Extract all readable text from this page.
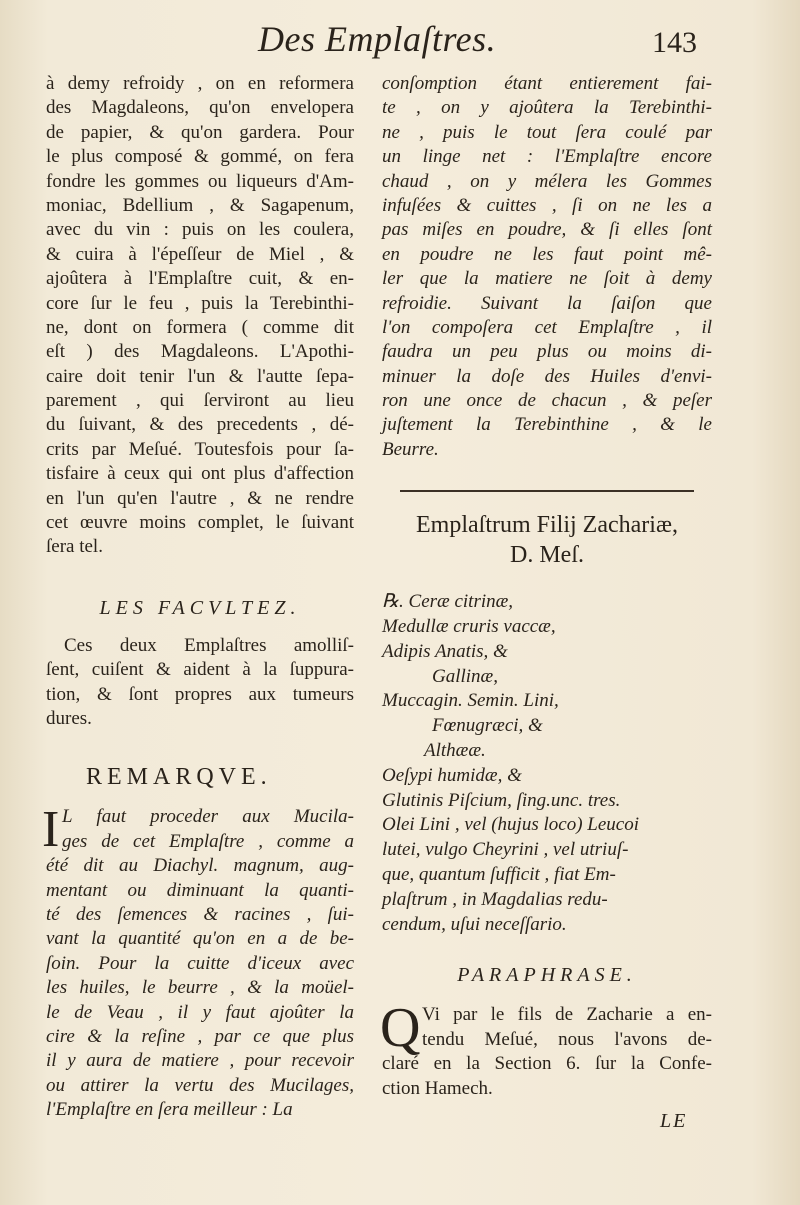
Des Emplaſtres.	143
à demy refroidy , on en reformera
des Magdaleons, qu'on envelopera
de papier, & qu'on gardera. Pour
le plus composé & gommé, on fera
fondre les gommes ou liqueurs d'Am-
moniac, Bdellium , & Sagapenum,
avec du vin : puis on les coulera,
& cuira à l'épeſſeur de Miel , &
ajoûtera à l'Emplaſtre cuit, & en-
core ſur le feu , puis la Terebinthi-
ne, dont on formera ( comme dit
eſt ) des Magdaleons. L'Apothi-
caire doit tenir l'un & l'autte ſepa-
parement , qui ſerviront au lieu
du ſuivant, & des precedents , dé-
crits par Meſué. Toutesfois pour ſa-
tisfaire à ceux qui ont plus d'affection
en l'un qu'en l'autre , & ne rendre
cet œuvre moins complet, le ſuivant
ſera tel.
LES FACVLTEZ.
Ces deux Emplaſtres amolliſ-
ſent, cuiſent & aident à la ſuppura-
tion, & ſont propres aux tumeurs
dures.
REMARQVE.
I L faut proceder aux Mucila-
ges de cet Emplaſtre , comme a
été dit au Diachyl. magnum, aug-
mentant ou diminuant la quanti-
té des ſemences & racines , ſui-
vant la quantité qu'on en a de be-
ſoin. Pour la cuitte d'iceux avec
les huiles, le beurre , & la moüel-
le de Veau , il y faut ajoûter la
cire & la reſine , par ce que plus
il y aura de matiere , pour recevoir
ou attirer la vertu des Mucilages,
l'Emplaſtre en ſera meilleur : La
conſomption étant entierement fai-
te , on y ajoûtera la Terebinthi-
ne , puis le tout ſera coulé par
un linge net : l'Emplaſtre encore
chaud , on y mélera les Gommes
infuſées & cuittes , ſi on ne les a
pas miſes en poudre, & ſi elles ſont
en poudre ne les faut point mê-
ler que la matiere ne ſoit à demy
refroidie. Suivant la ſaiſon que
l'on compoſera cet Emplaſtre , il
faudra un peu plus ou moins di-
minuer la doſe des Huiles d'envi-
ron une once de chacun , & peſer
juſtement la Terebinthine , & le
Beurre.
Emplaſtrum Filij Zachariæ,
D. Meſ.
℞. Ceræ citrinæ,
Medullæ cruris vaccæ,
Adipis Anatis, &
Gallinæ,
Muccagin. Semin. Lini,
Fœnugræci, &
Althææ.
Oeſypi humidæ, &
Glutinis Piſcium, ſing.unc. tres.
Olei Lini , vel (hujus loco) Leucoi
lutei, vulgo Cheyrini , vel utriuſ-
que, quantum ſufficit , fiat Em-
plaſtrum , in Magdalias redu-
cendum, uſui neceſſario.
PARAPHRASE.
Q Vi par le fils de Zacharie a en-
tendu Meſué, nous l'avons de-
claré en la Section 6. ſur la Confe-
ction Hamech.
LE
